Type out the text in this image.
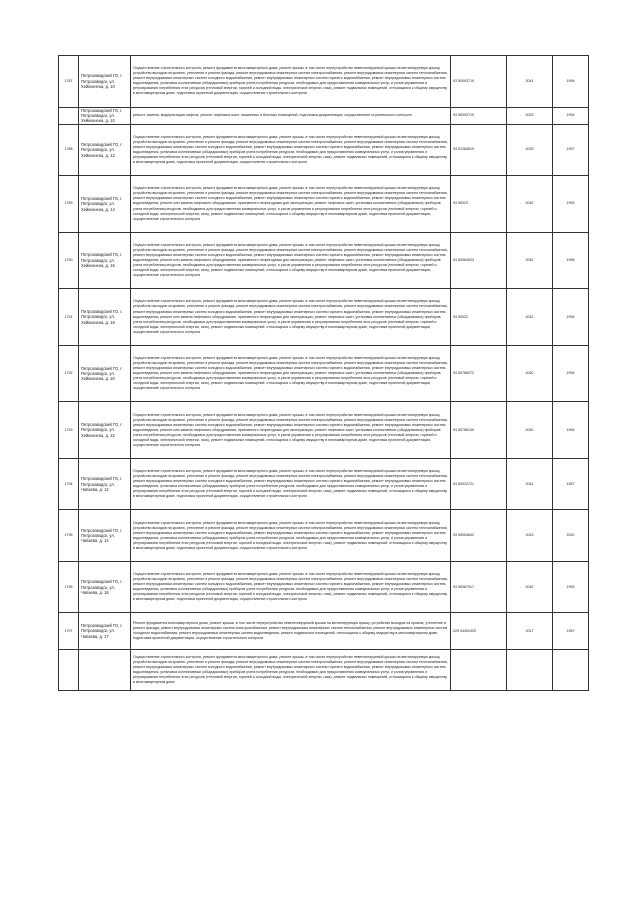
1787	Петрозаводский ГО, г. Петрозаводск, ул. Хейкконена, д. 10	Осуществление строительного контроля, ремонт фундамента многоквартирного дома, ремонт крыши, в том числе переустройство невентилируемой крыши на вентилируемую крышу, устройство выходов на кровлю, утепление и ремонт фасада, ремонт внутридомовых инженерных систем электроснабжения, ремонт внутридомовых инженерных систем теплоснабжения, ремонт внутридомовых инженерных систем холодного водоснабжения, ремонт внутридомовых инженерных систем горячего водоснабжения, ремонт внутридомовых инженерных систем водоотведения, установка коллективных (общедомовых) приборов учета потребления ресурсов, необходимых для предоставления коммунальных услуг, и узлов управления и регулирования потребления этих ресурсов (тепловой энергии, горячей и холодной воды, электрической энергии, газа), ремонт подвальных помещений, относящихся к общему имуществу в многоквартирном доме, подготовка проектной документации, осуществление строительного контроля	93 50093719	2041	1994
	Петрозаводский ГО, г. Петрозаводск, ул. Хейкконена, д. 10	ремонт, замена, модернизация лифтов, ремонт лифтовых шахт, машинных и блочных помещений, подготовка документации, осуществление строительного контроля	93 50093719	2022	1994
1788	Петрозаводский ГО, г. Петрозаводск, ул. Хейкконена, д. 12	Осуществление строительного контроля, ремонт фундамента многоквартирного дома, ремонт крыши, в том числе переустройство невентилируемой крыши на вентилируемую крышу, устройство выходов на кровлю, утепление и ремонт фасада, ремонт внутридомовых инженерных систем электроснабжения, ремонт внутридомовых инженерных систем теплоснабжения, ремонт внутридомовых инженерных систем холодного водоснабжения, ремонт внутридомовых инженерных систем горячего водоснабжения, ремонт внутридомовых инженерных систем водоотведения, установка коллективных (общедомовых) приборов учета потребления ресурсов, необходимых для предоставления коммунальных услуг, и узлов управления и регулирования потребления этих ресурсов (тепловой энергии, горячей и холодной воды, электрической энергии, газа), ремонт подвальных помещений, относящихся к общему имуществу в многоквартирном доме, подготовка проектной документации, осуществление строительного контроля	93 51264519	2039	1997
1789	Петрозаводский ГО, г. Петрозаводск, ул. Хейкконена, д. 14	Осуществление строительного контроля, ремонт фундамента многоквартирного дома, ремонт крыши, в том числе переустройство невентилируемой крыши на вентилируемую крышу, устройство выходов на кровлю, утепление и ремонт фасада, ремонт внутридомовых инженерных систем электроснабжения, ремонт внутридомовых инженерных систем теплоснабжения, ремонт внутридомовых инженерных систем холодного водоснабжения, ремонт внутридомовых инженерных систем горячего водоснабжения, ремонт внутридомовых инженерных систем водоотведения, ремонт или замена лифтового оборудования, признанного непригодным для эксплуатации, ремонт лифтовых шахт, установка коллективных (общедомовых) приборов учета потребления ресурсов, необходимых для предоставления коммунальных услуг, и узлов управления и регулирования потребления этих ресурсов (тепловой энергии, горячей и холодной воды, электрической энергии, газа), ремонт подвальных помещений, относящихся к общему имуществу в многоквартирном доме, подготовка проектной документации, осуществление строительного контроля	93 50023	2042	1993
1790	Петрозаводский ГО, г. Петрозаводск, ул. Хейкконена, д. 16	Осуществление строительного контроля, ремонт фундамента многоквартирного дома, ремонт крыши, в том числе переустройство невентилируемой крыши на вентилируемую крышу, устройство выходов на кровлю, утепление и ремонт фасада, ремонт внутридомовых инженерных систем электроснабжения, ремонт внутридомовых инженерных систем теплоснабжения, ремонт внутридомовых инженерных систем холодного водоснабжения, ремонт внутридомовых инженерных систем горячего водоснабжения, ремонт внутридомовых инженерных систем водоотведения, ремонт или замена лифтового оборудования, признанного непригодным для эксплуатации, ремонт лифтовых шахт, установка коллективных (общедомовых) приборов учета потребления ресурсов, необходимых для предоставления коммунальных услуг, и узлов управления и регулирования потребления этих ресурсов (тепловой энергии, горячей и холодной воды, электрической энергии, газа), ремонт подвальных помещений, относящихся к общему имуществу в многоквартирном доме, подготовка проектной документации, осуществление строительного контроля	93 50064023	2042	1995
1791	Петрозаводский ГО, г. Петрозаводск, ул. Хейкконена, д. 18	Осуществление строительного контроля, ремонт фундамента многоквартирного дома, ремонт крыши, в том числе переустройство невентилируемой крыши на вентилируемую крышу, устройство выходов на кровлю, утепление и ремонт фасада, ремонт внутридомовых инженерных систем электроснабжения, ремонт внутридомовых инженерных систем теплоснабжения, ремонт внутридомовых инженерных систем холодного водоснабжения, ремонт внутридомовых инженерных систем горячего водоснабжения, ремонт внутридомовых инженерных систем водоотведения, ремонт или замена лифтового оборудования, признанного непригодным для эксплуатации, ремонт лифтовых шахт, установка коллективных (общедомовых) приборов учета потребления ресурсов, необходимых для предоставления коммунальных услуг, и узлов управления и регулирования потребления этих ресурсов (тепловой энергии, горячей и холодной воды, электрической энергии, газа), ремонт подвальных помещений, относящихся к общему имуществу в многоквартирном доме, подготовка проектной документации, осуществление строительного контроля	93 50022	2042	1994
1792	Петрозаводский ГО, г. Петрозаводск, ул. Хейкконена, д. 20	Осуществление строительного контроля, ремонт фундамента многоквартирного дома, ремонт крыши, в том числе переустройство невентилируемой крыши на вентилируемую крышу, устройство выходов на кровлю, утепление и ремонт фасада, ремонт внутридомовых инженерных систем электроснабжения, ремонт внутридомовых инженерных систем теплоснабжения, ремонт внутридомовых инженерных систем холодного водоснабжения, ремонт внутридомовых инженерных систем горячего водоснабжения, ремонт внутридомовых инженерных систем водоотведения, ремонт или замена лифтового оборудования, признанного непригодным для эксплуатации, ремонт лифтовых шахт, установка коллективных (общедомовых) приборов учета потребления ресурсов, необходимых для предоставления коммунальных услуг, и узлов управления и регулирования потребления этих ресурсов (тепловой энергии, горячей и холодной воды, электрической энергии, газа), ремонт подвальных помещений, относящихся к общему имуществу в многоквартирном доме, подготовка проектной документации, осуществление строительного контроля	93 50766072	2040	1994
1793	Петрозаводский ГО, г. Петрозаводск, ул. Хейкконена, д. 22	Осуществление строительного контроля, ремонт фундамента многоквартирного дома, ремонт крыши, в том числе переустройство невентилируемой крыши на вентилируемую крышу, устройство выходов на кровлю, утепление и ремонт фасада, ремонт внутридомовых инженерных систем электроснабжения, ремонт внутридомовых инженерных систем теплоснабжения, ремонт внутридомовых инженерных систем холодного водоснабжения, ремонт внутридомовых инженерных систем горячего водоснабжения, ремонт внутридомовых инженерных систем водоотведения, ремонт или замена лифтового оборудования, признанного непригодным для эксплуатации, ремонт лифтовых шахт, установка коллективных (общедомовых) приборов учета потребления ресурсов, необходимых для предоставления коммунальных услуг, и узлов управления и регулирования потребления этих ресурсов (тепловой энергии, горячей и холодной воды, электрической энергии, газа), ремонт подвальных помещений, относящихся к общему имуществу в многоквартирном доме, подготовка проектной документации, осуществление строительного контроля	93 50766149	2040	1994
1794	Петрозаводский ГО, г. Петрозаводск, ул. Чапаева, д. 12	Осуществление строительного контроля, ремонт фундамента многоквартирного дома, ремонт крыши, в том числе переустройство невентилируемой крыши на вентилируемую крышу, устройство выходов на кровлю, утепление и ремонт фасада, ремонт внутридомовых инженерных систем электроснабжения, ремонт внутридомовых инженерных систем теплоснабжения, ремонт внутридомовых инженерных систем холодного водоснабжения, ремонт внутридомовых инженерных систем горячего водоснабжения, ремонт внутридомовых инженерных систем водоотведения, установка коллективных (общедомовых) приборов учета потребления ресурсов, необходимых для предоставления коммунальных услуг, и узлов управления и регулирования потребления этих ресурсов (тепловой энергии, горячей и холодной воды, электрической энергии, газа), ремонт подвальных помещений, относящихся к общему имуществу в многоквартирном доме, подготовка проектной документации, осуществление строительного контроля	93 50023721	2041	1957
1795	Петрозаводский ГО, г. Петрозаводск, ул. Чапаева, д. 14	Осуществление строительного контроля, ремонт фундамента многоквартирного дома, ремонт крыши, в том числе переустройство невентилируемой крыши на вентилируемую крышу, устройство выходов на кровлю, утепление и ремонт фасада, ремонт внутридомовых инженерных систем электроснабжения, ремонт внутридомовых инженерных систем теплоснабжения, ремонт внутридомовых инженерных систем холодного водоснабжения, ремонт внутридомовых инженерных систем горячего водоснабжения, ремонт внутридомовых инженерных систем водоотведения, установка коллективных (общедомовых) приборов учета потребления ресурсов, необходимых для предоставления коммунальных услуг, и узлов управления и регулирования потребления этих ресурсов (тепловой энергии, горячей и холодной воды, электрической энергии, газа), ремонт подвальных помещений, относящихся к общему имуществу в многоквартирном доме, подготовка проектной документации, осуществление строительного контроля	93 50054842	2043	2022
1796	Петрозаводский ГО, г. Петрозаводск, ул. Чапаева, д. 16	Осуществление строительного контроля, ремонт фундамента многоквартирного дома, ремонт крыши, в том числе переустройство невентилируемой крыши на вентилируемую крышу, устройство выходов на кровлю, утепление и ремонт фасада, ремонт внутридомовых инженерных систем электроснабжения, ремонт внутридомовых инженерных систем теплоснабжения, ремонт внутридомовых инженерных систем холодного водоснабжения, ремонт внутридомовых инженерных систем горячего водоснабжения, ремонт внутридомовых инженерных систем водоотведения, установка коллективных (общедомовых) приборов учета потребления ресурсов, необходимых для предоставления коммунальных услуг, и узлов управления и регулирования потребления этих ресурсов (тепловой энергии, горячей и холодной воды, электрической энергии, газа), ремонт подвальных помещений, относящихся к общему имуществу в многоквартирном доме, подготовка проектной документации, осуществление строительного контроля	93 50067517	2042	1993
1797	Петрозаводский ГО, г. Петрозаводск, ул. Чапаева, д. 17	Ремонт фундамента многоквартирного дома, ремонт крыши, в том числе переустройство невентилируемой крыши на вентилируемую крышу, устройство выходов на кровлю, утепление и ремонт фасада, ремонт внутридомовых инженерных систем электроснабжения, ремонт внутридомовых инженерных систем теплоснабжения, ремонт внутридомовых инженерных систем холодного водоснабжения, ремонт внутридомовых инженерных систем водоотведения, ремонт подвальных помещений, относящихся к общему имуществу в многоквартирном доме, подготовка проектной документации, осуществление строительного контроля	225 04492420	2017	1957
		Осуществление строительного контроля, ремонт фундамента многоквартирного дома, ремонт крыши, в том числе переустройство невентилируемой крыши на вентилируемую крышу, устройство выходов на кровлю, утепление и ремонт фасада, ремонт внутридомовых инженерных систем электроснабжения, ремонт внутридомовых инженерных систем теплоснабжения, ремонт внутридомовых инженерных систем холодного водоснабжения, ремонт внутридомовых инженерных систем горячего водоснабжения, ремонт внутридомовых инженерных систем водоотведения, установка коллективных (общедомовых) приборов учета потребления ресурсов, необходимых для предоставления коммунальных услуг, и узлов управления и регулирования потребления этих ресурсов (тепловой энергии, горячей и холодной воды, электрической энергии, газа), ремонт подвальных помещений, относящихся к общему имуществу в многоквартирном доме			
